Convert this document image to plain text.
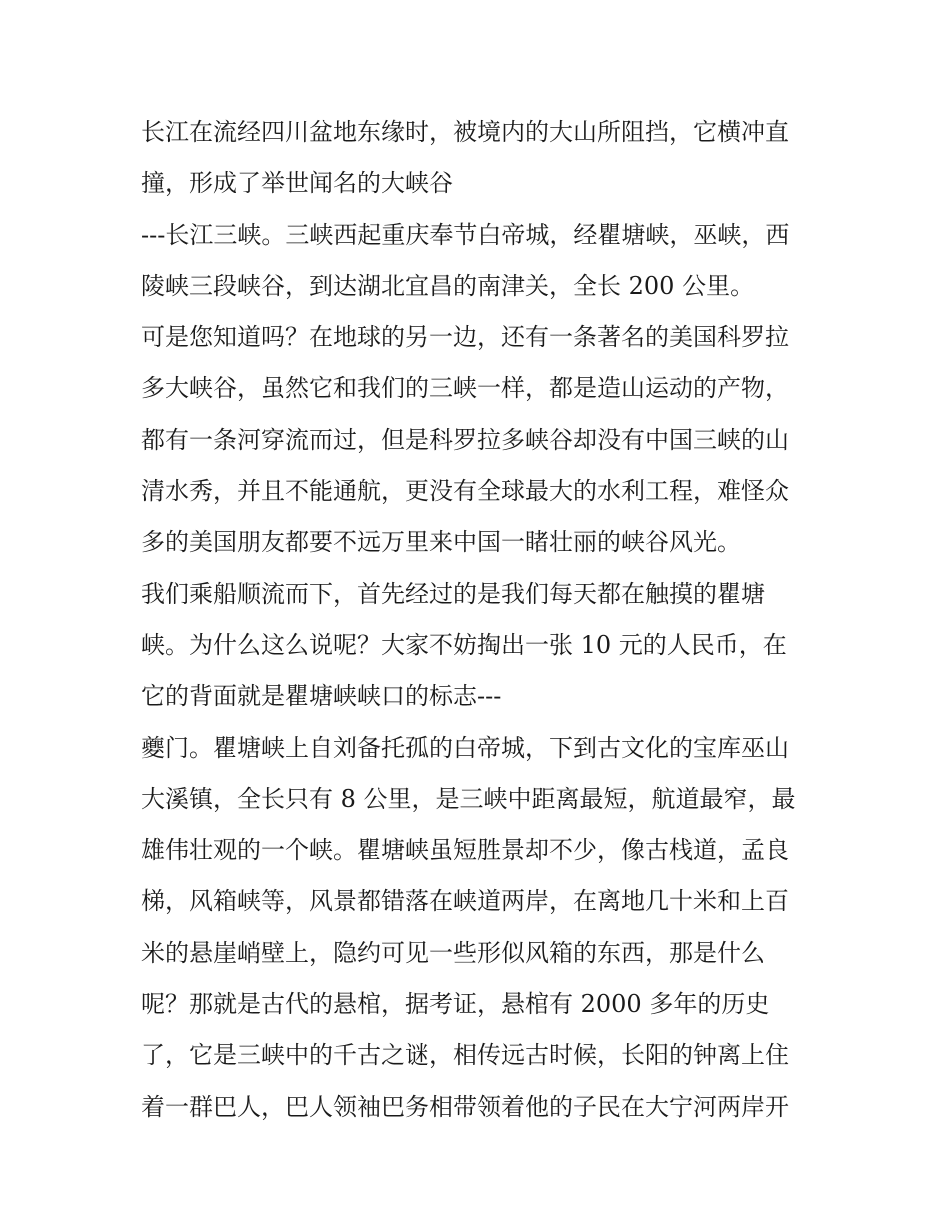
长江在流经四川盆地东缘时，被境内的大山所阻挡，它横冲直
撞，形成了举世闻名的大峡谷
---长江三峡。三峡西起重庆奉节白帝城，经瞿塘峡，巫峡，西
陵峡三段峡谷，到达湖北宜昌的南津关，全长 200 公里。
可是您知道吗？在地球的另一边，还有一条著名的美国科罗拉
多大峡谷，虽然它和我们的三峡一样，都是造山运动的产物，
都有一条河穿流而过，但是科罗拉多峡谷却没有中国三峡的山
清水秀，并且不能通航，更没有全球最大的水利工程，难怪众
多的美国朋友都要不远万里来中国一睹壮丽的峡谷风光。
我们乘船顺流而下，首先经过的是我们每天都在触摸的瞿塘
峡。为什么这么说呢？大家不妨掏出一张 10 元的人民币，在
它的背面就是瞿塘峡峡口的标志---
夔门。瞿塘峡上自刘备托孤的白帝城，下到古文化的宝库巫山
大溪镇，全长只有 8 公里，是三峡中距离最短，航道最窄，最
雄伟壮观的一个峡。瞿塘峡虽短胜景却不少，像古栈道，孟良
梯，风箱峡等，风景都错落在峡道两岸，在离地几十米和上百
米的悬崖峭壁上，隐约可见一些形似风箱的东西，那是什么
呢？那就是古代的悬棺，据考证，悬棺有 2000 多年的历史
了，它是三峡中的千古之谜，相传远古时候，长阳的钟离上住
着一群巴人，巴人领袖巴务相带领着他的子民在大宁河两岸开
